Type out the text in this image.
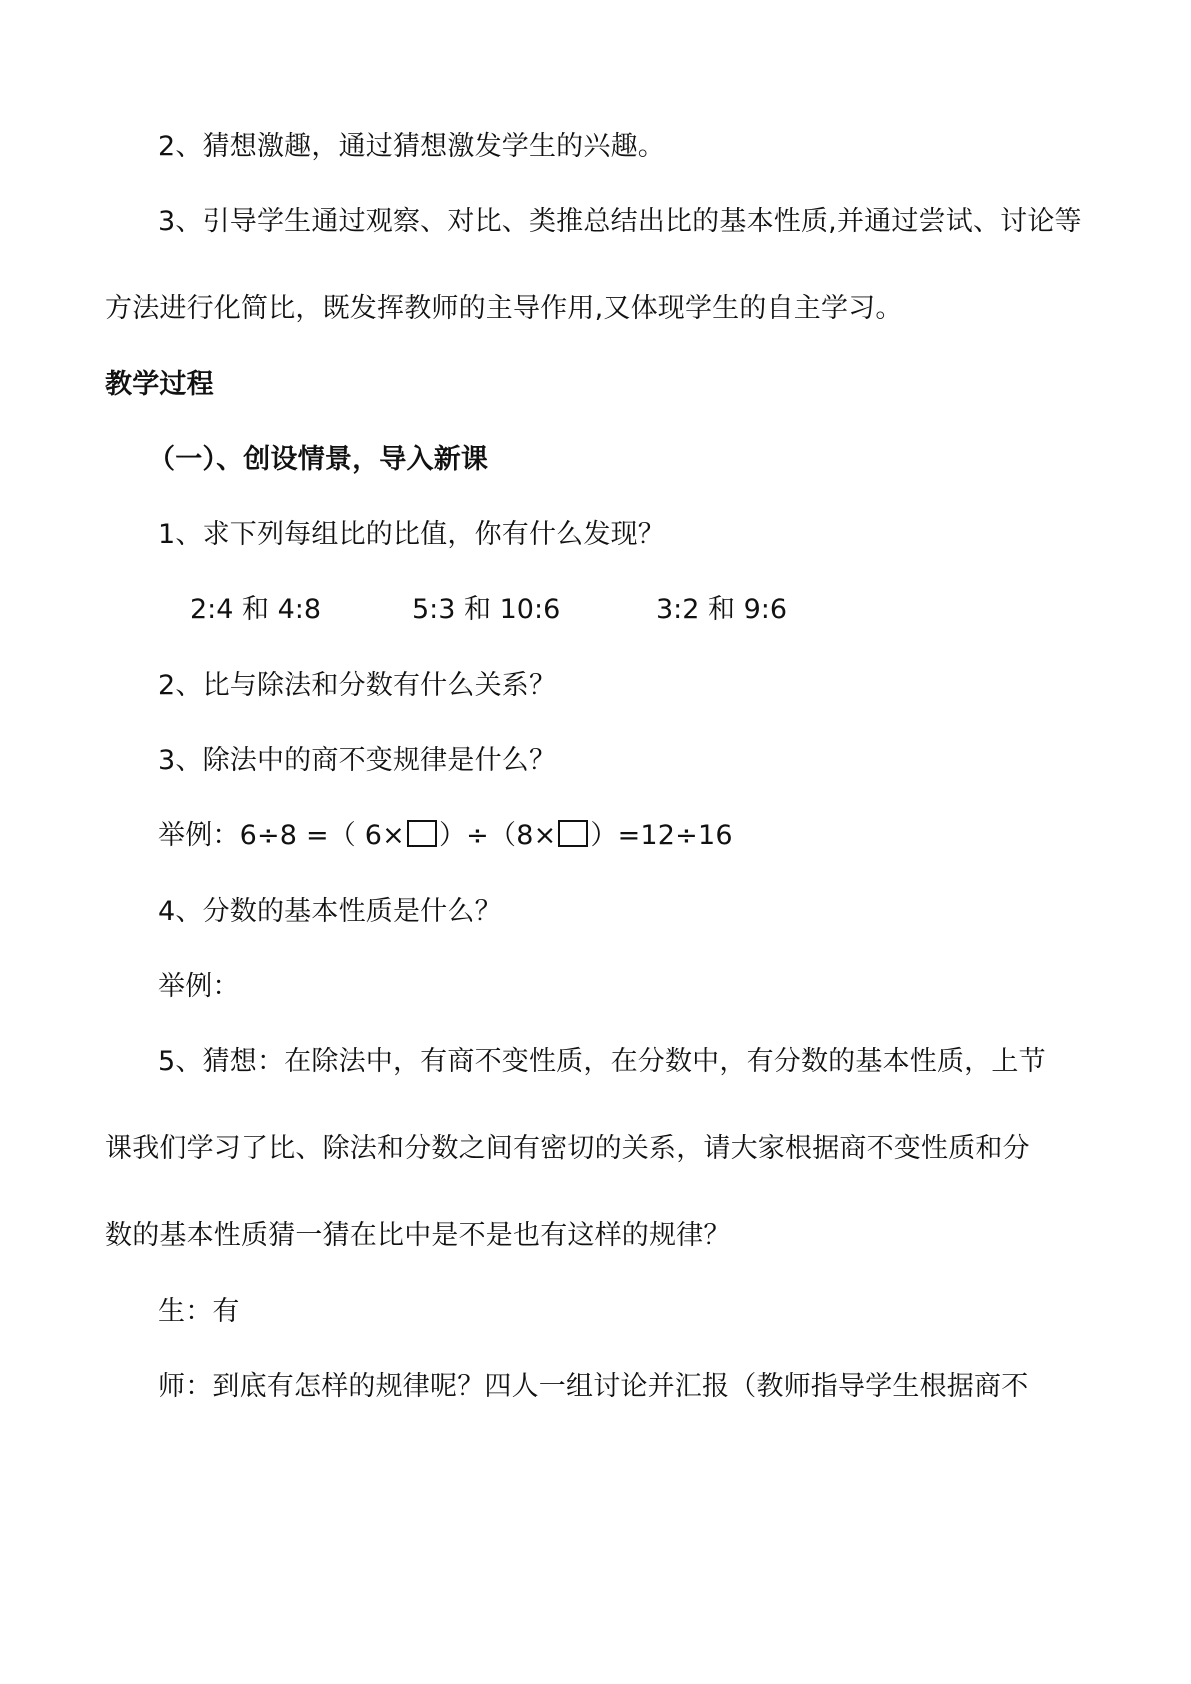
2、猜想激趣，通过猜想激发学生的兴趣。
3、引导学生通过观察、对比、类推总结出比的基本性质,并通过尝试、讨论等
方法进行化简比，既发挥教师的主导作用,又体现学生的自主学习。
教学过程
（一）、创设情景，导入新课
1、求下列每组比的比值，你有什么发现？
2:4 和 4:8	5:3 和 10:6	3:2 和 9:6
2、比与除法和分数有什么关系？
3、除法中的商不变规律是什么？
举例：6÷8 =（ 6× ）÷（8× ）=12÷16
4、分数的基本性质是什么？
举例：
5、猜想：在除法中，有商不变性质，在分数中，有分数的基本性质，上节
课我们学习了比、除法和分数之间有密切的关系，请大家根据商不变性质和分
数的基本性质猜一猜在比中是不是也有这样的规律？
生：有
师：到底有怎样的规律呢？四人一组讨论并汇报（教师指导学生根据商不
